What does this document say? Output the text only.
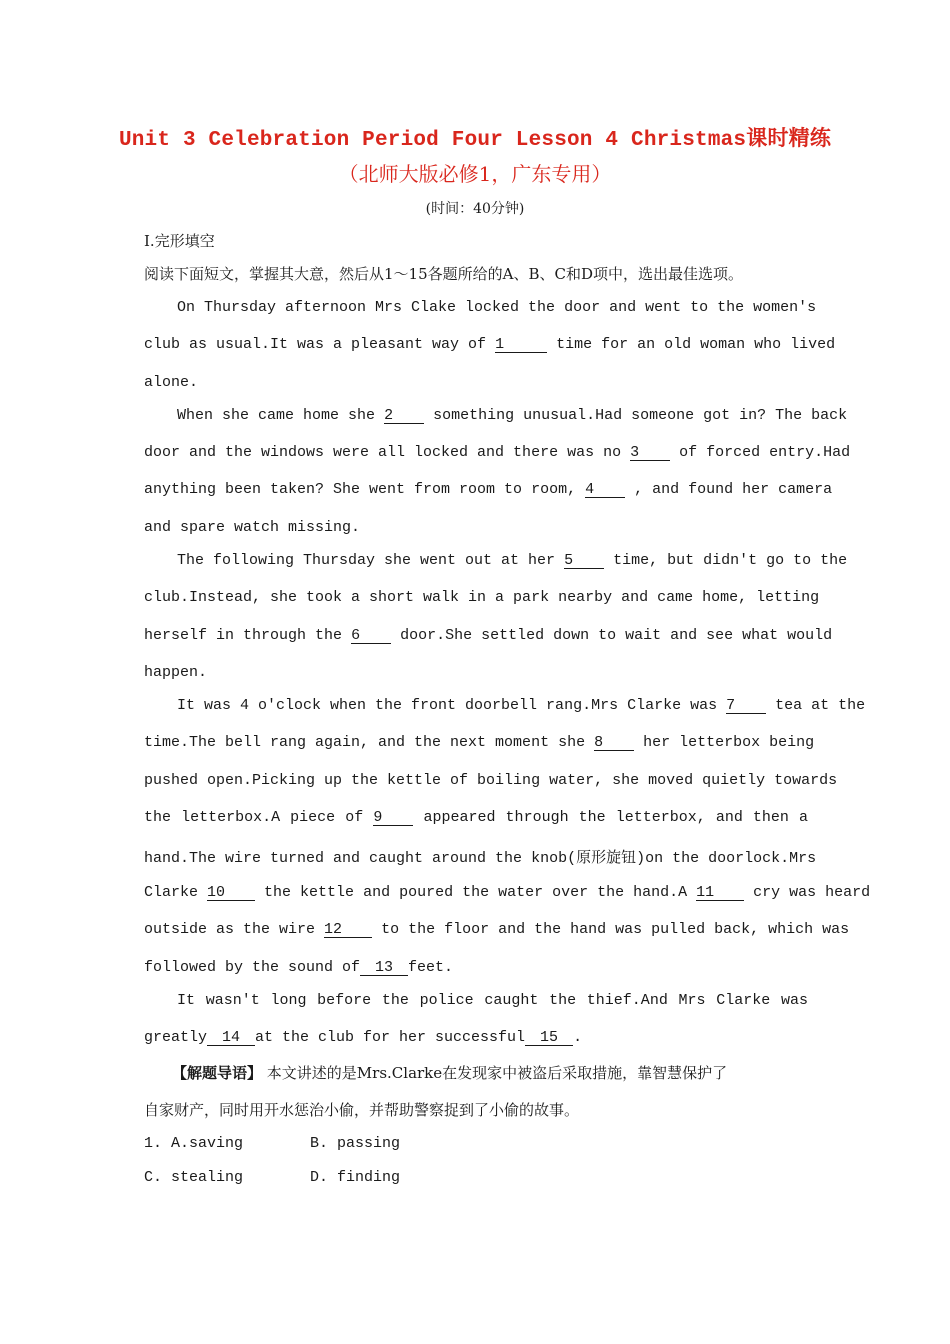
Unit 3 Celebration Period Four Lesson 4 Christmas课时精练
（北师大版必修1，广东专用）
(时间：40分钟)
Ⅰ.完形填空
阅读下面短文，掌握其大意，然后从1～15各题所给的A、B、C和D项中，选出最佳选项。
On Thursday afternoon Mrs Clake locked the door and went to the women's
club as usual.It was a pleasant way of 1	time for an old woman who lived
alone.
When she came home she 2	something unusual.Had someone got in? The back
door and the windows were all locked and there was no 3	of forced entry.Had
anything been taken? She went from room to room, 4	, and found her camera
and spare watch missing.
The following Thursday she went out at her 5	time, but didn't go to the
club.Instead, she took a short walk in a park nearby and came home, letting
herself in through the 6	door.She settled down to wait and see what would
happen.
It was 4 o'clock when the front doorbell rang.Mrs Clarke was 7	tea at the
time.The bell rang again, and the next moment she 8	her letterbox being
pushed open.Picking up the kettle of boiling water, she moved quietly towards
the letterbox.A piece of 9	appeared through the letterbox, and then a
hand.The wire turned and caught around the knob(原形旋钮)on the doorlock.Mrs
Clarke 10	the kettle and poured the water over the hand.A 11	cry was heard
outside as the wire 12	to the floor and the hand was pulled back, which was
followed by the sound of 13 feet.
It wasn't long before the police caught the thief.And Mrs Clarke was
greatly 14 at the club for her successful 15 .
【解题导语】 本文讲述的是Mrs.Clarke在发现家中被盗后采取措施，靠智慧保护了
自家财产，同时用开水惩治小偷，并帮助警察捉到了小偷的故事。
1. A.saving	B. passing
C. stealing	D. finding
